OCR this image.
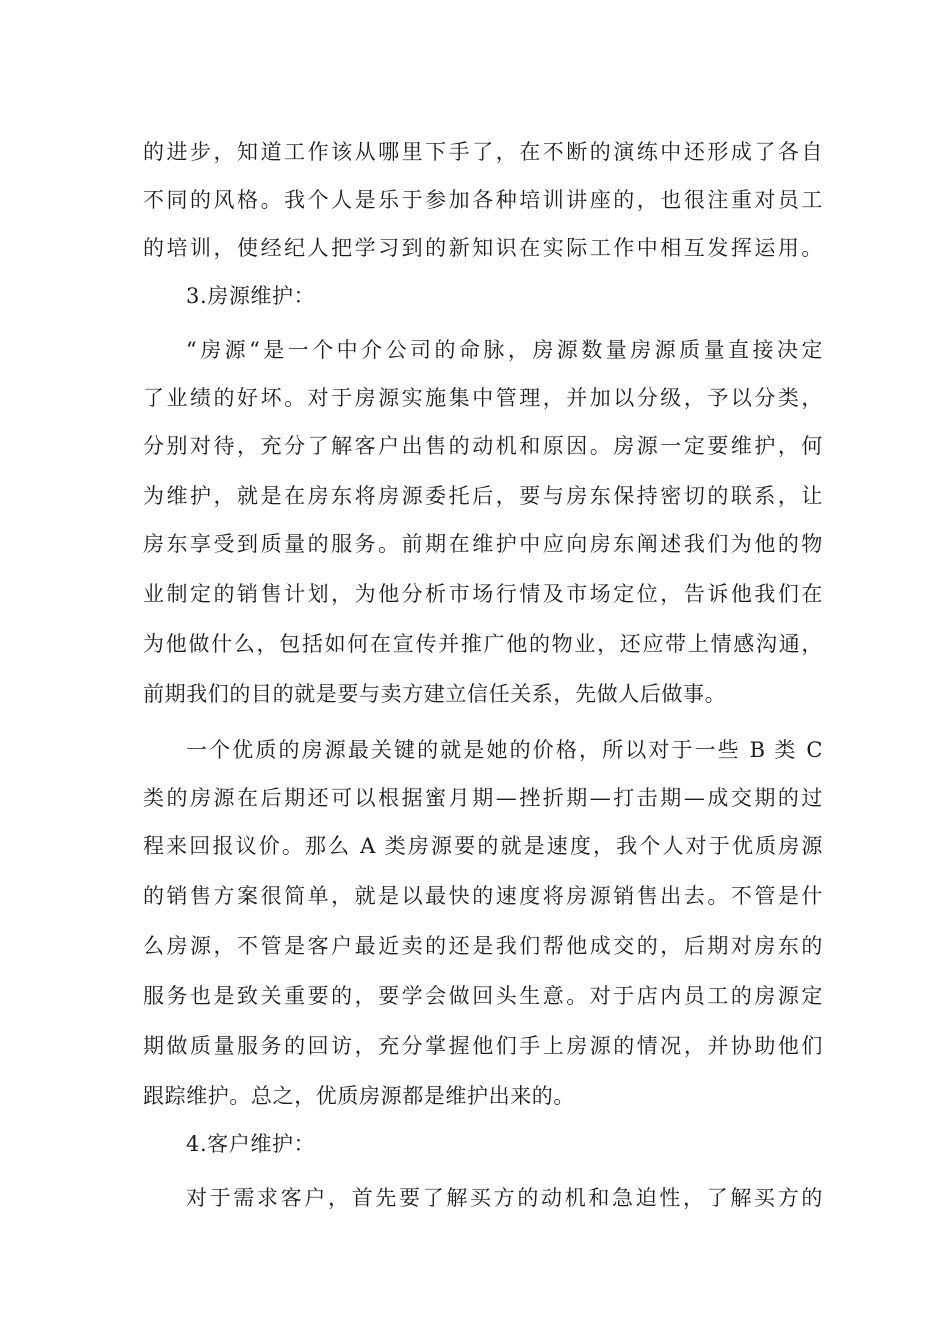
的进步，知道工作该从哪里下手了，在不断的演练中还形成了各自
不同的风格。我个人是乐于参加各种培训讲座的，也很注重对员工
的培训，使经纪人把学习到的新知识在实际工作中相互发挥运用。
3.房源维护：
“房源“是一个中介公司的命脉，房源数量房源质量直接决定
了业绩的好坏。对于房源实施集中管理，并加以分级，予以分类，
分别对待，充分了解客户出售的动机和原因。房源一定要维护，何
为维护，就是在房东将房源委托后，要与房东保持密切的联系，让
房东享受到质量的服务。前期在维护中应向房东阐述我们为他的物
业制定的销售计划，为他分析市场行情及市场定位，告诉他我们在
为他做什么，包括如何在宣传并推广他的物业，还应带上情感沟通，
前期我们的目的就是要与卖方建立信任关系，先做人后做事。
一个优质的房源最关键的就是她的价格，所以对于一些 B 类 C
类的房源在后期还可以根据蜜月期—挫折期—打击期—成交期的过
程来回报议价。那么 A 类房源要的就是速度，我个人对于优质房源
的销售方案很简单，就是以最快的速度将房源销售出去。不管是什
么房源，不管是客户最近卖的还是我们帮他成交的，后期对房东的
服务也是致关重要的，要学会做回头生意。对于店内员工的房源定
期做质量服务的回访，充分掌握他们手上房源的情况，并协助他们
跟踪维护。总之，优质房源都是维护出来的。
4.客户维护：
对于需求客户，首先要了解买方的动机和急迫性，了解买方的
